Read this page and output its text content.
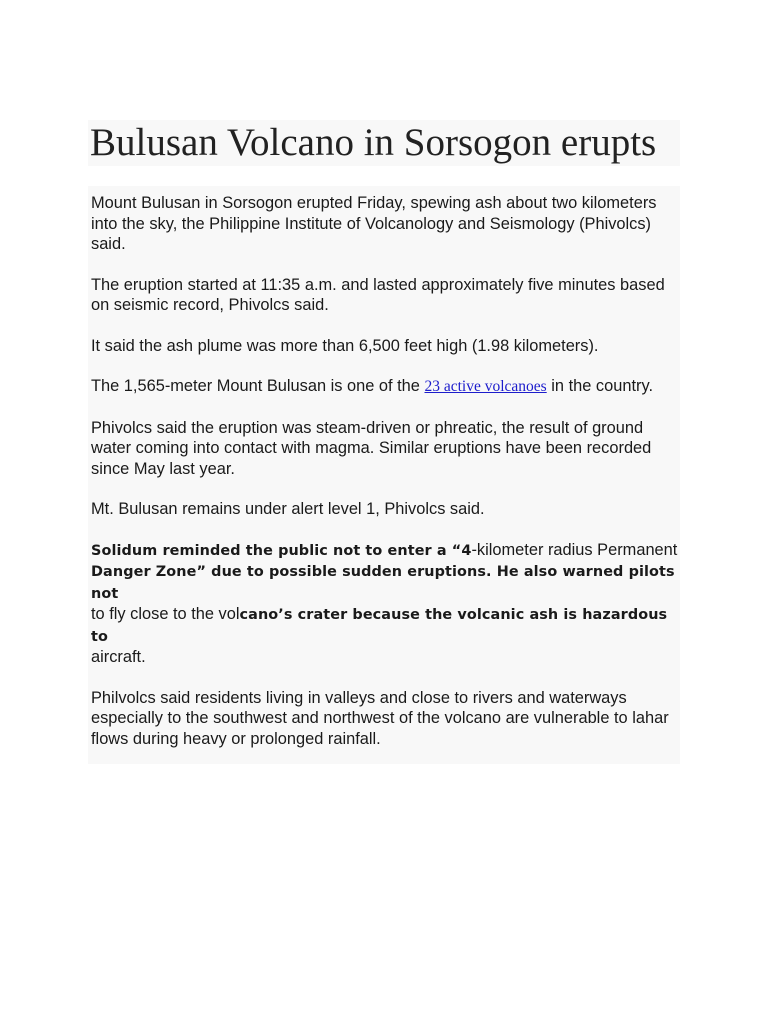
Bulusan Volcano in Sorsogon erupts

Mount Bulusan in Sorsogon erupted Friday, spewing ash about two kilometers into the sky, the Philippine Institute of Volcanology and Seismology (Phivolcs) said.

The eruption started at 11:35 a.m. and lasted approximately five minutes based on seismic record, Phivolcs said.

It said the ash plume was more than 6,500 feet high (1.98 kilometers).

The 1,565-meter Mount Bulusan is one of the 23 active volcanoes in the country.

Phivolcs said the eruption was steam-driven or phreatic, the result of ground water coming into contact with magma. Similar eruptions have been recorded since May last year.

Mt. Bulusan remains under alert level 1, Phivolcs said.

Solidum reminded the public not to enter a “4-kilometer radius Permanent
Danger Zone” due to possible sudden eruptions. He also warned pilots not
to fly close to the volcano’s crater because the volcanic ash is hazardous to
aircraft.

Philvolcs said residents living in valleys and close to rivers and waterways especially to the southwest and northwest of the volcano are vulnerable to lahar flows during heavy or prolonged rainfall.
